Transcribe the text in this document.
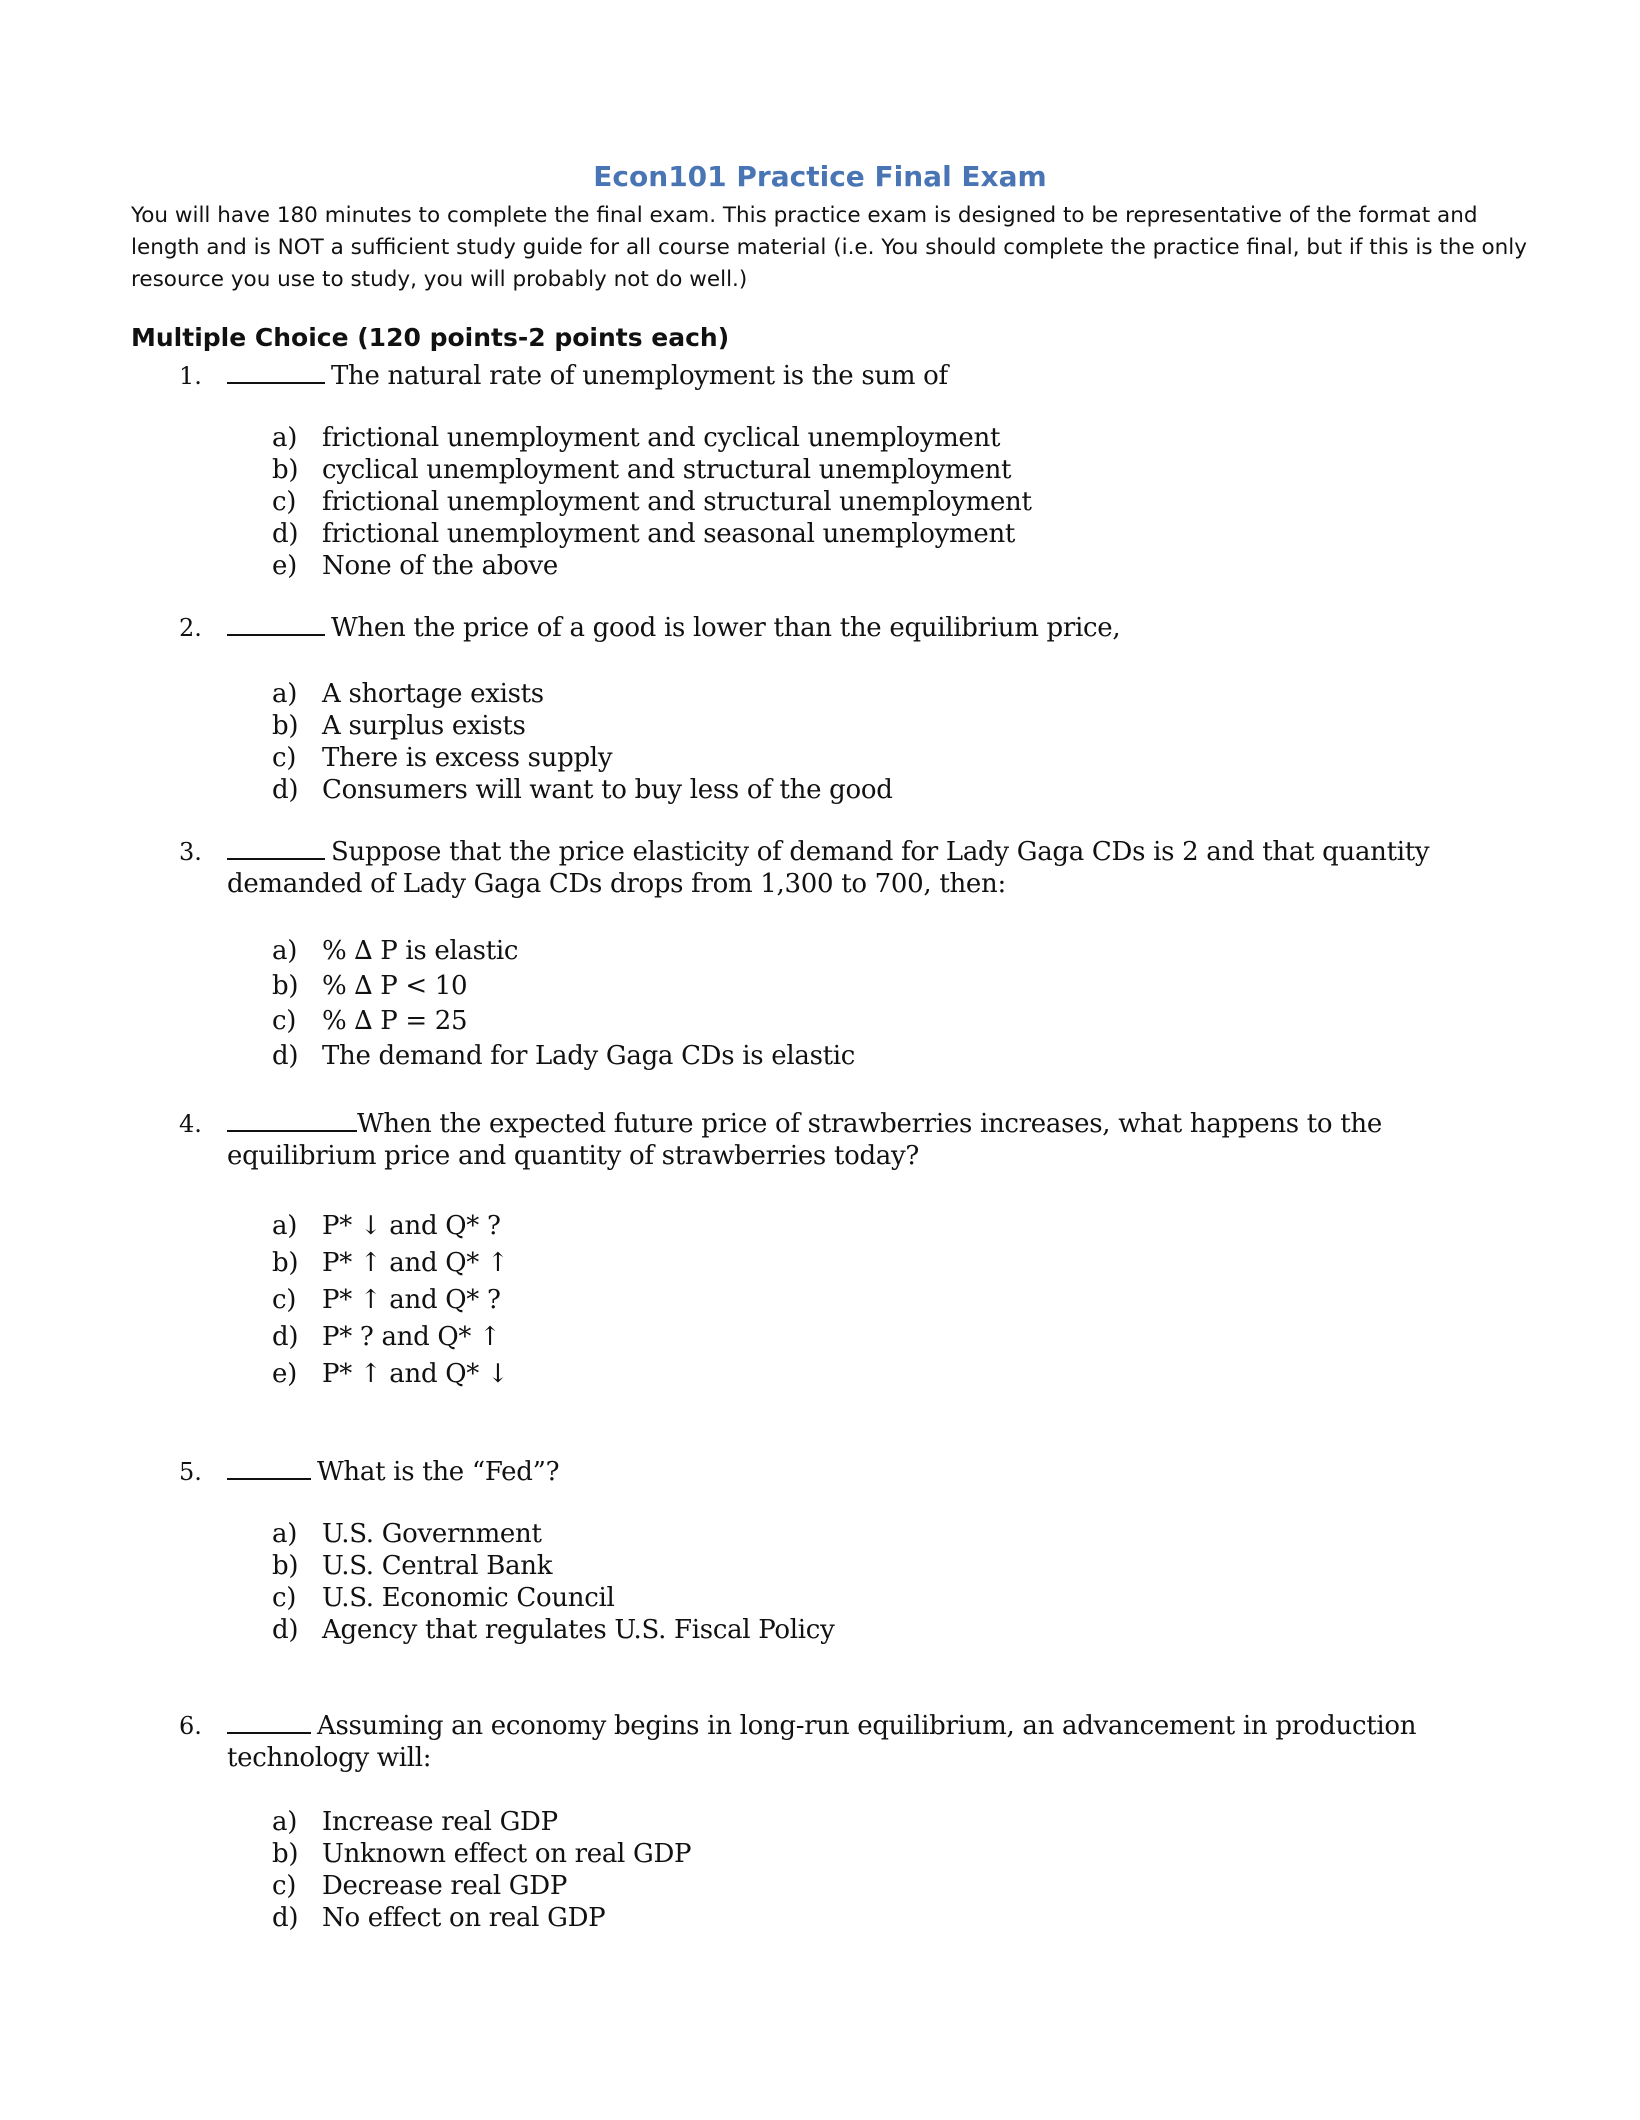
Econ101 Practice Final Exam
You will have 180 minutes to complete the final exam. This practice exam is designed to be representative of the format and length and is NOT a sufficient study guide for all course material (i.e. You should complete the practice final, but if this is the only resource you use to study, you will probably not do well.)
Multiple Choice (120 points-2 points each)
1.	The natural rate of unemployment is the sum of
a) frictional unemployment and cyclical unemployment
b) cyclical unemployment and structural unemployment
c) frictional unemployment and structural unemployment
d) frictional unemployment and seasonal unemployment
e) None of the above
2.	When the price of a good is lower than the equilibrium price,
a) A shortage exists
b) A surplus exists
c) There is excess supply
d) Consumers will want to buy less of the good
3.	Suppose that the price elasticity of demand for Lady Gaga CDs is 2 and that quantity demanded of Lady Gaga CDs drops from 1,300 to 700, then:
a) % ∆ P is elastic
b) % ∆ P < 10
c) % ∆ P = 25
d) The demand for Lady Gaga CDs is elastic
4.	When the expected future price of strawberries increases, what happens to the equilibrium price and quantity of strawberries today?
a) P* ↓ and Q* ?
b) P* ↑ and Q* ↑
c) P* ↑ and Q* ?
d) P* ? and Q* ↑
e) P* ↑ and Q* ↓
5.	What is the “Fed”?
a) U.S. Government
b) U.S. Central Bank
c) U.S. Economic Council
d) Agency that regulates U.S. Fiscal Policy
6.	Assuming an economy begins in long-run equilibrium, an advancement in production technology will:
a) Increase real GDP
b) Unknown effect on real GDP
c) Decrease real GDP
d) No effect on real GDP
